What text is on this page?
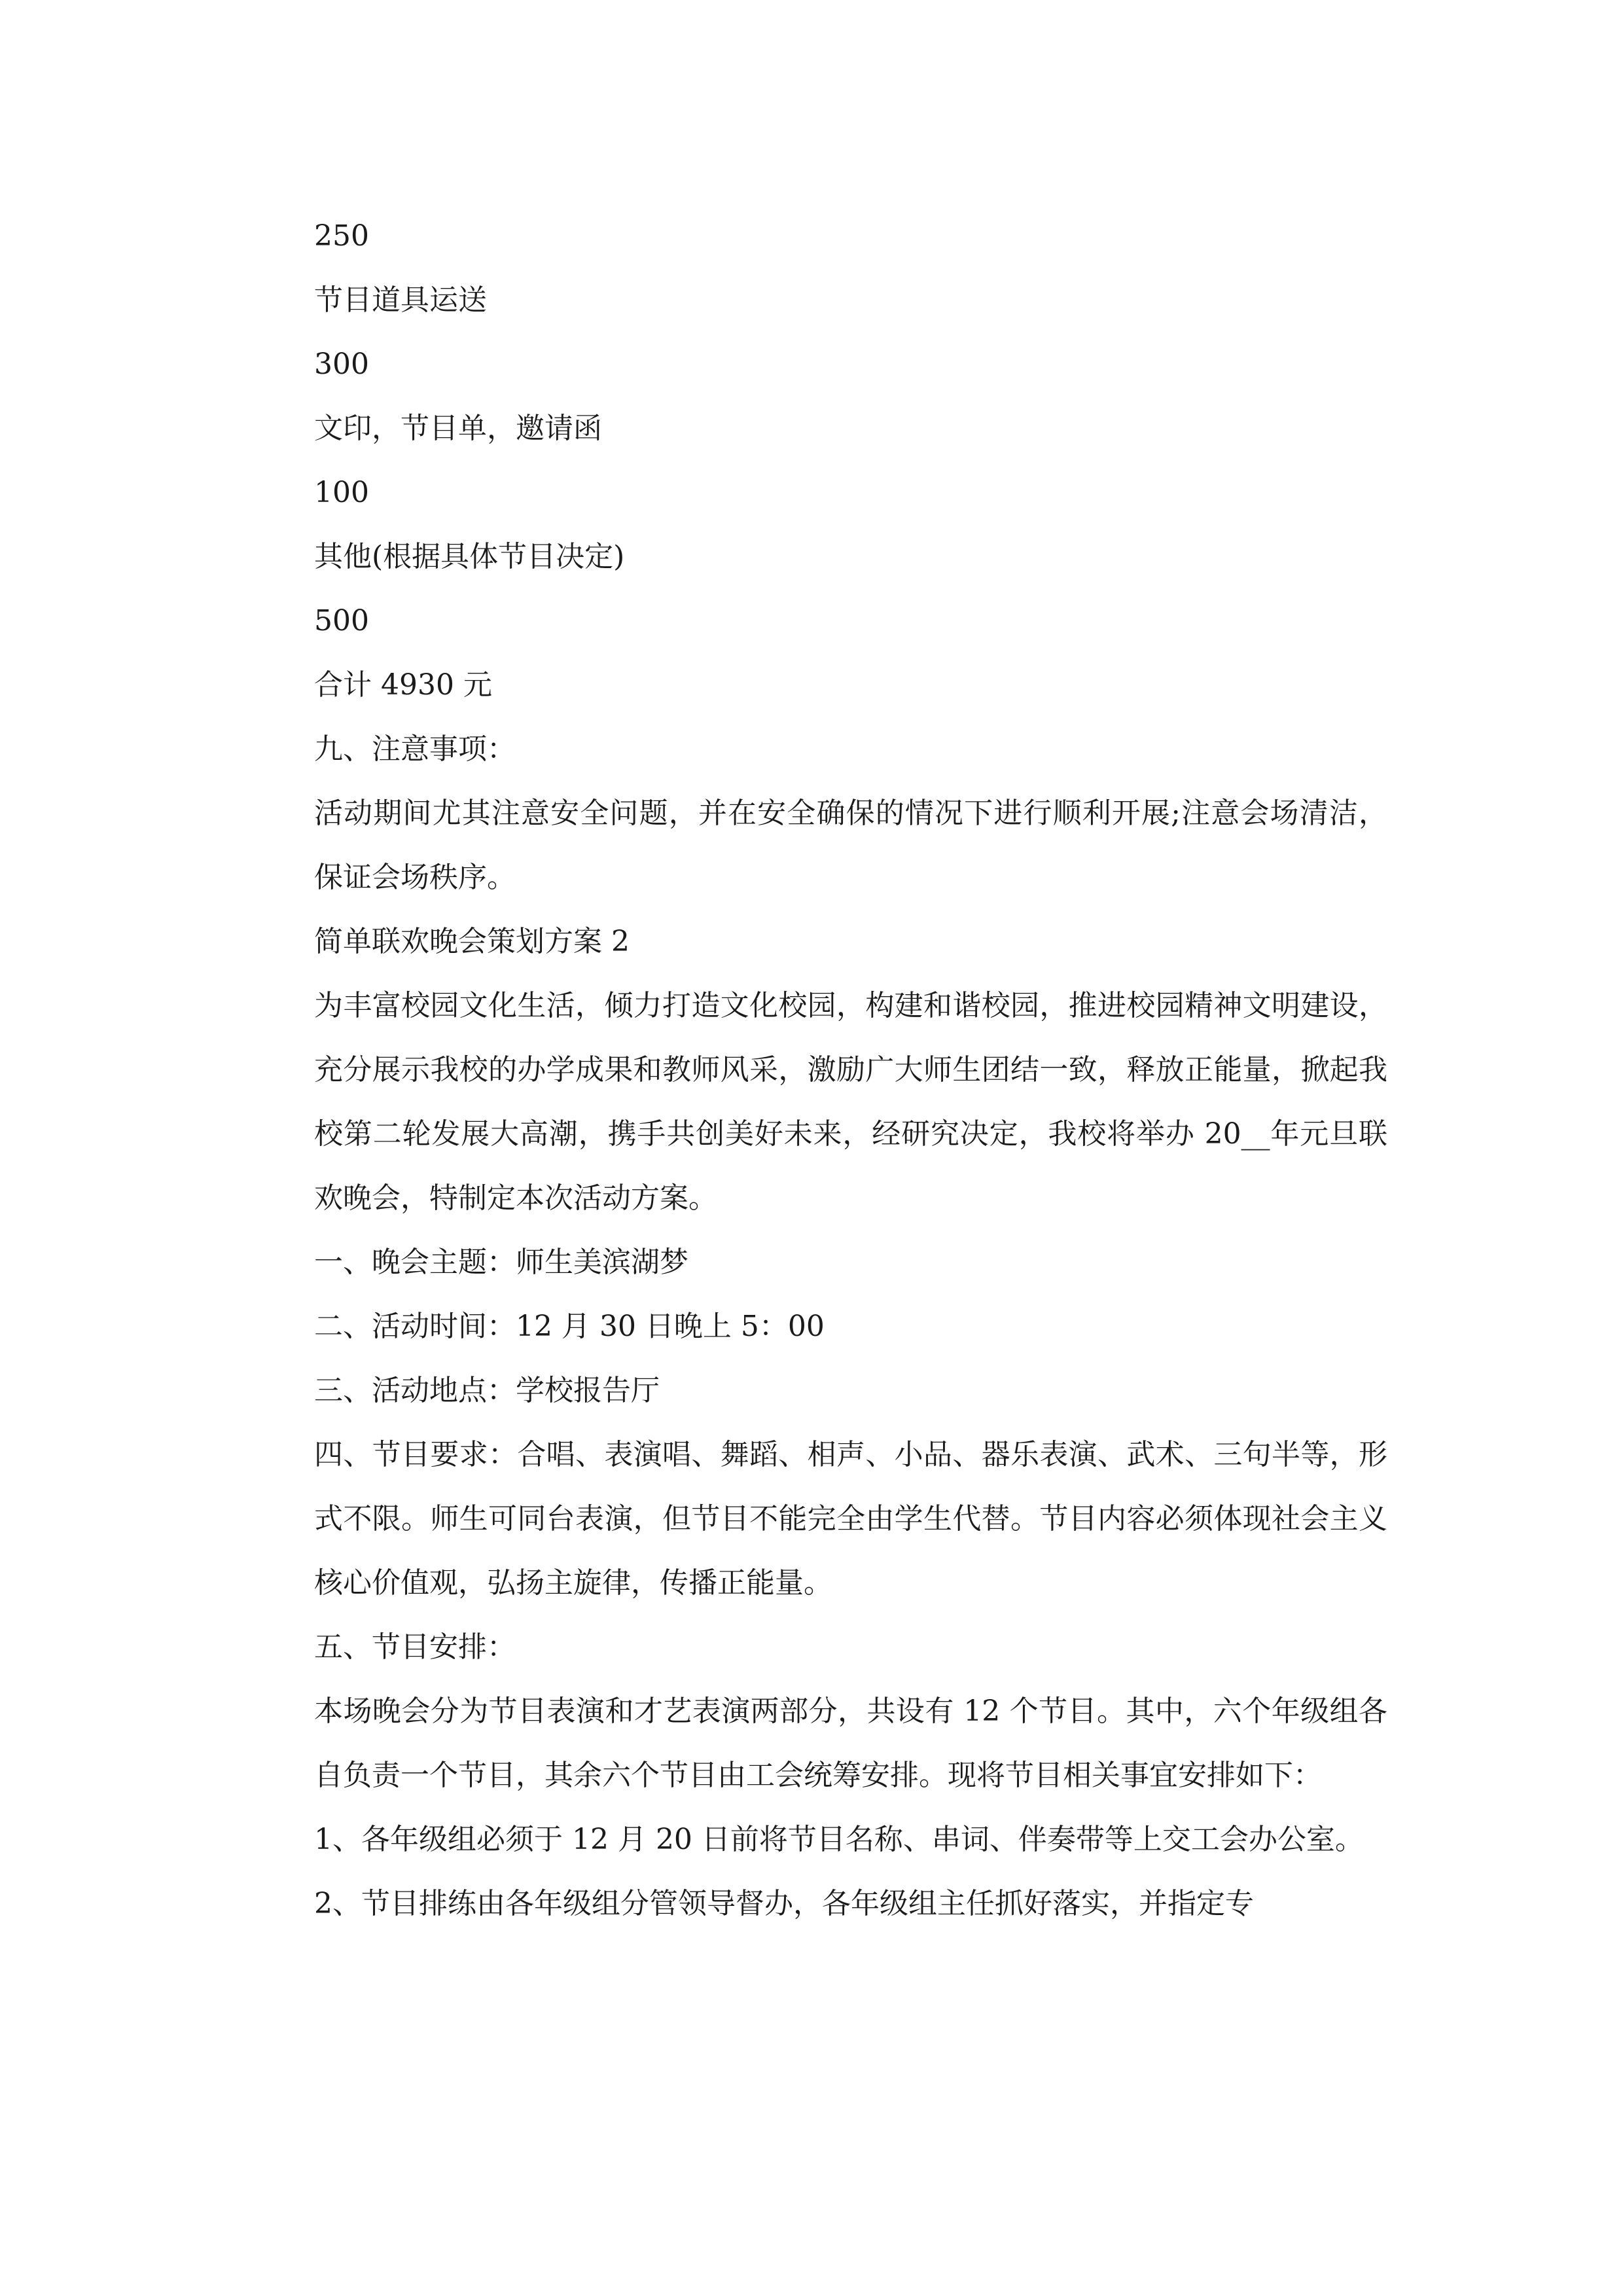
250

节目道具运送

300

文印，节目单，邀请函

100

其他(根据具体节目决定)

500

合计 4930 元

九、注意事项：

活动期间尤其注意安全问题，并在安全确保的情况下进行顺利开展;注意会场清洁，保证会场秩序。

简单联欢晚会策划方案 2

为丰富校园文化生活，倾力打造文化校园，构建和谐校园，推进校园精神文明建设，充分展示我校的办学成果和教师风采，激励广大师生团结一致，释放正能量，掀起我校第二轮发展大高潮，携手共创美好未来，经研究决定，我校将举办 20__年元旦联欢晚会，特制定本次活动方案。

一、晚会主题：师生美滨湖梦

二、活动时间：12 月 30 日晚上 5：00

三、活动地点：学校报告厅

四、节目要求：合唱、表演唱、舞蹈、相声、小品、器乐表演、武术、三句半等，形式不限。师生可同台表演，但节目不能完全由学生代替。节目内容必须体现社会主义核心价值观，弘扬主旋律，传播正能量。

五、节目安排：

本场晚会分为节目表演和才艺表演两部分，共设有 12 个节目。其中，六个年级组各自负责一个节目，其余六个节目由工会统筹安排。现将节目相关事宜安排如下：

1、各年级组必须于 12 月 20 日前将节目名称、串词、伴奏带等上交工会办公室。

2、节目排练由各年级组分管领导督办，各年级组主任抓好落实，并指定专
